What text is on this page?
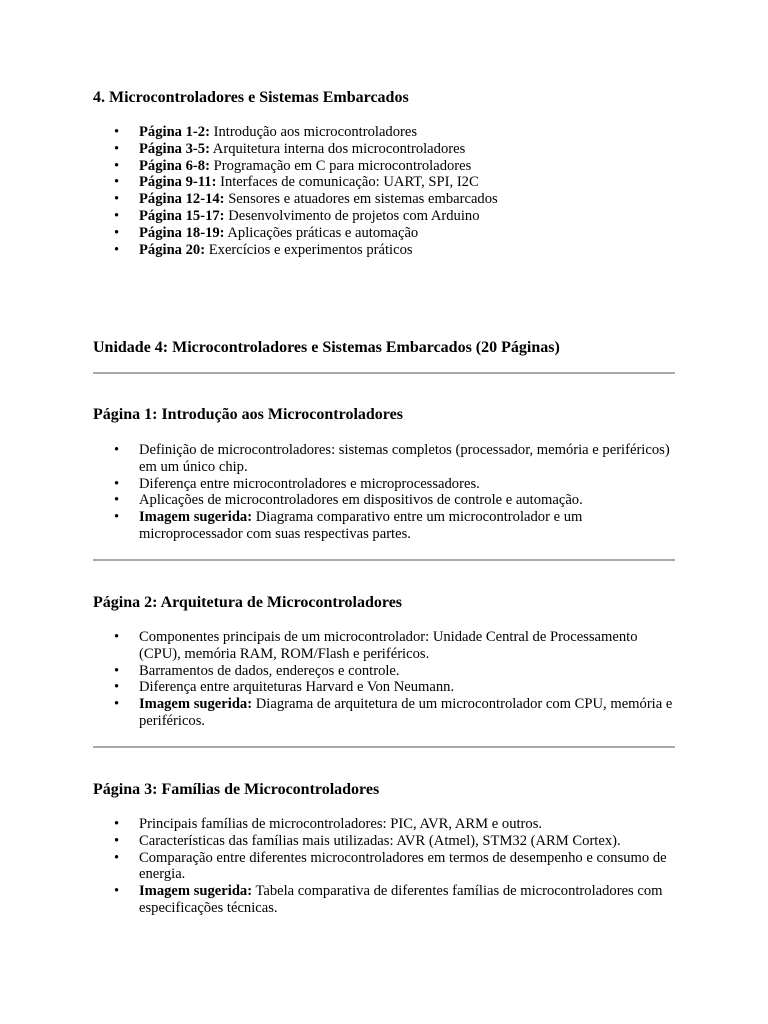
4. Microcontroladores e Sistemas Embarcados
• Página 1-2: Introdução aos microcontroladores
• Página 3-5: Arquitetura interna dos microcontroladores
• Página 6-8: Programação em C para microcontroladores
• Página 9-11: Interfaces de comunicação: UART, SPI, I2C
• Página 12-14: Sensores e atuadores em sistemas embarcados
• Página 15-17: Desenvolvimento de projetos com Arduino
• Página 18-19: Aplicações práticas e automação
• Página 20: Exercícios e experimentos práticos
Unidade 4: Microcontroladores e Sistemas Embarcados (20 Páginas)
Página 1: Introdução aos Microcontroladores
• Definição de microcontroladores: sistemas completos (processador, memória e periféricos) em um único chip.
• Diferença entre microcontroladores e microprocessadores.
• Aplicações de microcontroladores em dispositivos de controle e automação.
• Imagem sugerida: Diagrama comparativo entre um microcontrolador e um microprocessador com suas respectivas partes.
Página 2: Arquitetura de Microcontroladores
• Componentes principais de um microcontrolador: Unidade Central de Processamento (CPU), memória RAM, ROM/Flash e periféricos.
• Barramentos de dados, endereços e controle.
• Diferença entre arquiteturas Harvard e Von Neumann.
• Imagem sugerida: Diagrama de arquitetura de um microcontrolador com CPU, memória e periféricos.
Página 3: Famílias de Microcontroladores
• Principais famílias de microcontroladores: PIC, AVR, ARM e outros.
• Características das famílias mais utilizadas: AVR (Atmel), STM32 (ARM Cortex).
• Comparação entre diferentes microcontroladores em termos de desempenho e consumo de energia.
• Imagem sugerida: Tabela comparativa de diferentes famílias de microcontroladores com especificações técnicas.
